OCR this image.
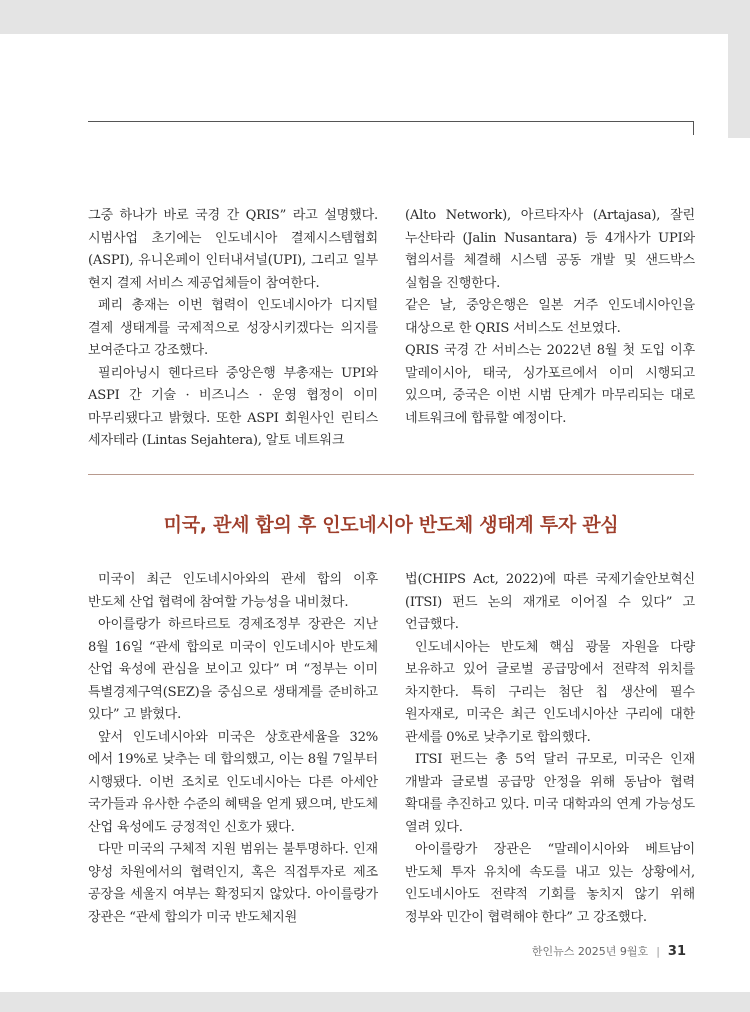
그중 하나가 바로 국경 간 QRIS” 라고 설명했다. 시범사업 초기에는 인도네시아 결제시스템협회(ASPI), 유니온페이 인터내셔널(UPI), 그리고 일부 현지 결제 서비스 제공업체들이 참여한다.

페리 총재는 이번 협력이 인도네시아가 디지털 결제 생태계를 국제적으로 성장시키겠다는 의지를 보여준다고 강조했다.

필리아닝시 헨다르타 중앙은행 부총재는 UPI와 ASPI 간 기술 · 비즈니스 · 운영 협정이 이미 마무리됐다고 밝혔다. 또한 ASPI 회원사인 린티스 세자테라 (Lintas Sejahtera), 알토 네트워크

(Alto Network), 아르타자사 (Artajasa), 잘린 누산타라 (Jalin Nusantara) 등 4개사가 UPI와 협의서를 체결해 시스템 공동 개발 및 샌드박스 실험을 진행한다.

같은 날, 중앙은행은 일본 거주 인도네시아인을 대상으로 한 QRIS 서비스도 선보였다.

QRIS 국경 간 서비스는 2022년 8월 첫 도입 이후 말레이시아, 태국, 싱가포르에서 이미 시행되고 있으며, 중국은 이번 시범 단계가 마무리되는 대로 네트워크에 합류할 예정이다.

미국, 관세 합의 후 인도네시아 반도체 생태계 투자 관심

미국이 최근 인도네시아와의 관세 합의 이후 반도체 산업 협력에 참여할 가능성을 내비쳤다.

아이를랑가 하르타르토 경제조정부 장관은 지난 8월 16일 “관세 합의로 미국이 인도네시아 반도체 산업 육성에 관심을 보이고 있다” 며 “정부는 이미 특별경제구역(SEZ)을 중심으로 생태계를 준비하고 있다” 고 밝혔다.

앞서 인도네시아와 미국은 상호관세율을 32%에서 19%로 낮추는 데 합의했고, 이는 8월 7일부터 시행됐다. 이번 조치로 인도네시아는 다른 아세안 국가들과 유사한 수준의 혜택을 얻게 됐으며, 반도체 산업 육성에도 긍정적인 신호가 됐다.

다만 미국의 구체적 지원 범위는 불투명하다. 인재 양성 차원에서의 협력인지, 혹은 직접투자로 제조 공장을 세울지 여부는 확정되지 않았다. 아이를랑가 장관은 “관세 합의가 미국 반도체지원

법(CHIPS Act, 2022)에 따른 국제기술안보혁신(ITSI) 펀드 논의 재개로 이어질 수 있다” 고 언급했다.

인도네시아는 반도체 핵심 광물 자원을 다량 보유하고 있어 글로벌 공급망에서 전략적 위치를 차지한다. 특히 구리는 첨단 칩 생산에 필수 원자재로, 미국은 최근 인도네시아산 구리에 대한 관세를 0%로 낮추기로 합의했다.

ITSI 펀드는 총 5억 달러 규모로, 미국은 인재 개발과 글로벌 공급망 안정을 위해 동남아 협력 확대를 추진하고 있다. 미국 대학과의 연계 가능성도 열려 있다.

아이를랑가 장관은 “말레이시아와 베트남이 반도체 투자 유치에 속도를 내고 있는 상황에서, 인도네시아도 전략적 기회를 놓치지 않기 위해 정부와 민간이 협력해야 한다” 고 강조했다.

한인뉴스 2025년 9월호 | 31
